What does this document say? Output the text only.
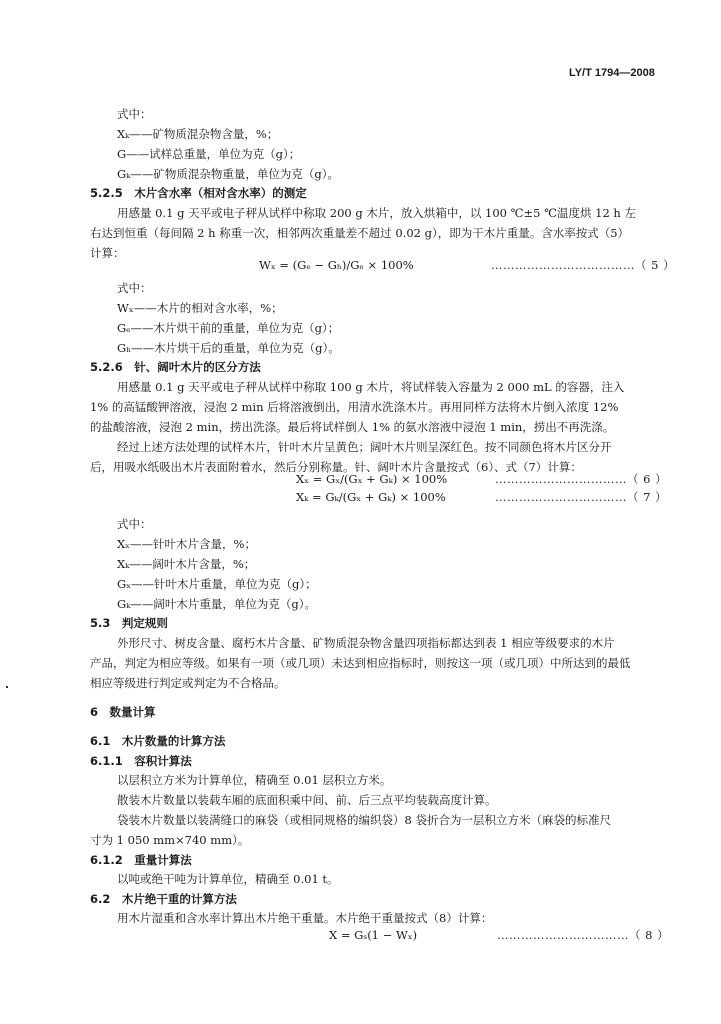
LY/T 1794—2008
式中：
Xₖ——矿物质混杂物含量，%；
G——试样总重量，单位为克（g）；
Gₖ——矿物质混杂物重量，单位为克（g）。
5.2.5　木片含水率（相对含水率）的测定
用感量 0.1 g 天平或电子秤从试样中称取 200 g 木片，放入烘箱中，以 100 ℃±5 ℃温度烘 12 h 左
右达到恒重（每间隔 2 h 称重一次，相邻两次重量差不超过 0.02 g），即为干木片重量。含水率按式（5）
计算：
Wₓ = (Gₑ − Gₕ)/Gₑ × 100%	………………………………（ 5 ）
式中：
Wₓ——木片的相对含水率，%；
Gₑ——木片烘干前的重量，单位为克（g）；
Gₕ——木片烘干后的重量，单位为克（g）。
5.2.6　针、阔叶木片的区分方法
用感量 0.1 g 天平或电子秤从试样中称取 100 g 木片，将试样装入容量为 2 000 mL 的容器，注入
1% 的高锰酸钾溶液，浸泡 2 min 后将溶液倒出，用清水洗涤木片。再用同样方法将木片倒入浓度 12%
的盐酸溶液，浸泡 2 min，捞出洗涤。最后将试样倒人 1% 的氨水溶液中浸泡 1 min，捞出不再洗涤。
经过上述方法处理的试样木片，针叶木片呈黄色；阔叶木片则呈深红色。按不同颜色将木片区分开
后，用吸水纸吸出木片表面附着水，然后分别称量。针、阔叶木片含量按式（6）、式（7）计算：
Xₓ = Gₓ/(Gₓ + Gₖ) × 100%	……………………………（ 6 ）
Xₖ = Gₖ/(Gₓ + Gₖ) × 100%	……………………………（ 7 ）
式中：
Xₓ——针叶木片含量，%；
Xₖ——阔叶木片含量，%；
Gₓ——针叶木片重量，单位为克（g）；
Gₖ——阔叶木片重量，单位为克（g）。
5.3　判定规则
外形尺寸、树皮含量、腐朽木片含量、矿物质混杂物含量四项指标都达到表 1 相应等级要求的木片
产品，判定为相应等级。如果有一项（或几项）未达到相应指标时，则按这一项（或几项）中所达到的最低
相应等级进行判定或判定为不合格品。
6　数量计算
6.1　木片数量的计算方法
6.1.1　容积计算法
以层积立方米为计算单位，精确至 0.01 层积立方米。
散装木片数量以装载车厢的底面积乘中间、前、后三点平均装载高度计算。
袋装木片数量以装满缝口的麻袋（或相同规格的编织袋）8 袋折合为一层积立方米（麻袋的标准尺
寸为 1 050 mm×740 mm）。
6.1.2　重量计算法
以吨或绝干吨为计算单位，精确至 0.01 t。
6.2　木片绝干重的计算方法
用木片湿重和含水率计算出木片绝干重量。木片绝干重量按式（8）计算：
X = Gₛ(1 − Wₓ)	……………………………（ 8 ）
